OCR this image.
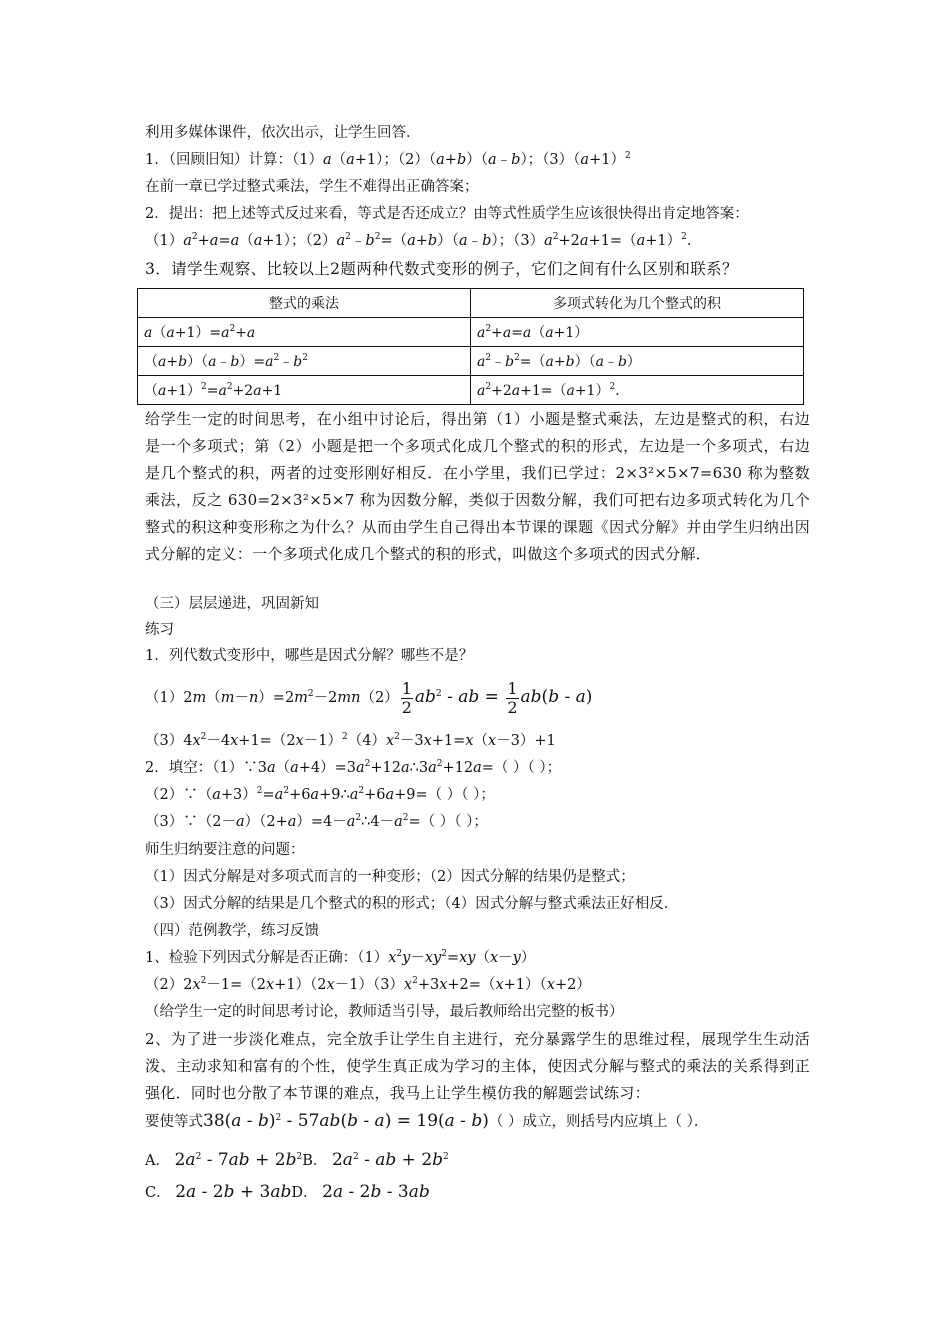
利用多媒体课件，依次出示，让学生回答．
1．（回顾旧知）计算：（1）a（a+1）；（2）（a+b）（a﹣b）；$(3)(a+1)^2$
在前一章已学过整式乘法，学生不难得出正确答案；
2．提出：把上述等式反过来看，等式是否还成立？由等式性质学生应该很快得出肯定地答案：
$(1)a^2+a=a(a+1)$；$(2)a^2﹣b^2=(a+b)(a﹣b)$；$(3)a^2+2a+1=(a+1)^2$．
3．请学生观察、比较以上2题两种代数式变形的例子，它们之间有什么区别和联系？
整式的乘法	多项式转化为几个整式的积
$a(a+1)=a^2+a$	$a^2+a=a(a+1)$
$(a+b)(a﹣b)=a^2﹣b^2$	$a^2﹣b^2=(a+b)(a﹣b)$
$(a+1)^2=a^2+2a+1$	$a^2+2a+1=(a+1)^2$．
给学生一定的时间思考，在小组中讨论后，得出第（1）小题是整式乘法，左边是整式的积，右边是一个多项式；第（2）小题是把一个多项式化成几个整式的积的形式，左边是一个多项式，右边是几个整式的积，两者的过变形刚好相反．在小学里，我们已学过：2×3²×5×7=630 称为整数乘法，反之 630=2×3²×5×7 称为因数分解，类似于因数分解，我们可把右边多项式转化为几个整式的积这种变形称之为什么？从而由学生自己得出本节课的课题《因式分解》并由学生归纳出因式分解的定义：一个多项式化成几个整式的积的形式，叫做这个多项式的因式分解．
（三）层层递进，巩固新知
练习
1．列代数式变形中，哪些是因式分解？哪些不是？
$(1)2m(m-n)=2m^2-2mn(2) \frac{1}{2} ab^2$ - ab = $\frac{1}{2} ab(b - a)$
$(3)4x^2-4x+1=(2x-1)^2(4)x^2-3x+1=x(x-3)+1$
2．填空：$(1)\because 3a(a+4)=3a^2+12a\therefore 3a^2+12a=$（ ）（ ）；
$(2)\because(a+3)^2=a^2+6a+9\therefore a^2+6a+9=$（ ）（ ）；
$(3)\because(2-a)(2+a)=4-a^2\therefore 4-a^2=$（ ）（ ）；
师生归纳要注意的问题：
（1）因式分解是对多项式而言的一种变形；（2）因式分解的结果仍是整式；
（3）因式分解的结果是几个整式的积的形式；（4）因式分解与整式乘法正好相反．
（四）范例教学，练习反馈
1、检验下列因式分解是否正确：$(1)x^2y-xy^2=xy(x-y)$
$(2)2x^2-1=(2x+1)(2x-1)(3)x^2+3x+2=(x+1)(x+2)$
（给学生一定的时间思考讨论，教师适当引导，最后教师给出完整的板书）
2、为了进一步淡化难点，完全放手让学生自主进行，充分暴露学生的思维过程，展现学生生动活泼、主动求知和富有的个性，使学生真正成为学习的主体，使因式分解与整式的乘法的关系得到正强化．同时也分散了本节课的难点，我马上让学生模仿我的解题尝试练习：
要使等式38(a - b)$^2$ - 57ab(b - a) = 19(a - b)（ ）成立，则括号内应填上（ ）．
A． $2a^2 - 7ab + 2b^2B$． $2a^2$ - ab + $2b^2$
C． 2a - 2b + 3abD． 2a - 2b - 3ab
